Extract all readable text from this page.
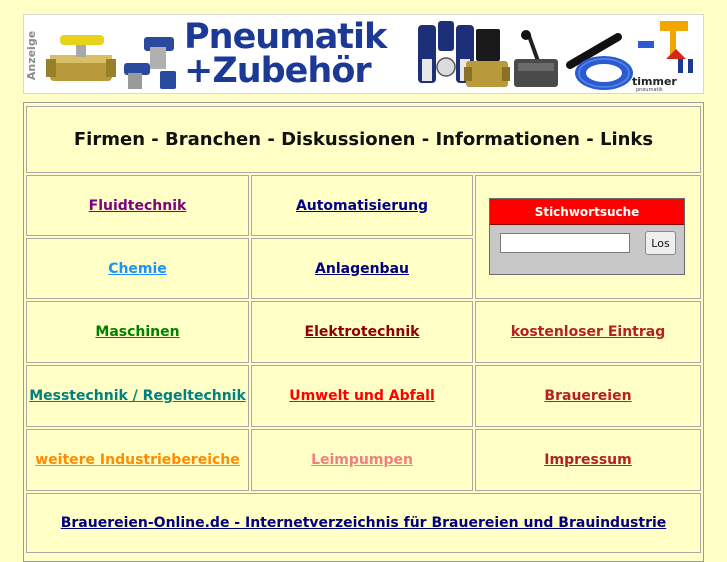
Anzeige	Pneumatik
+Zubehör	timmer
pneumatik
Firmen - Branchen - Diskussionen - Informationen - Links
Fluidtechnik	Automatisierung
Chemie	Anlagenbau
Maschinen	Elektrotechnik	kostenloser Eintrag
Messtechnik / Regeltechnik	Umwelt und Abfall	Brauereien
weitere Industriebereiche	Leimpumpen	Impressum
Brauereien-Online.de - Internetverzeichnis für Brauereien und Brauindustrie
Stichwortsuche
Los
